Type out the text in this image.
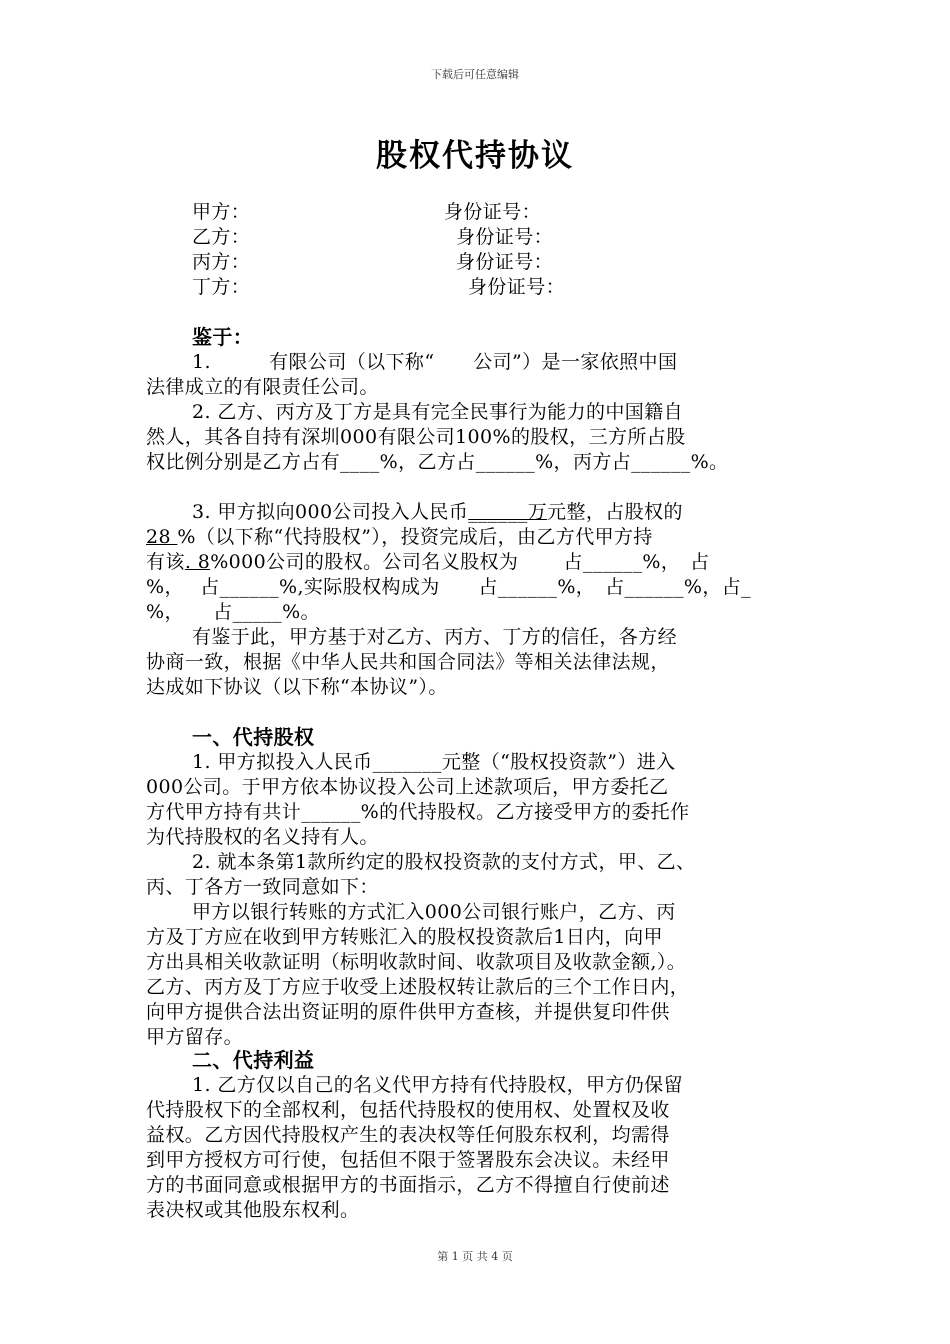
下载后可任意编辑
股权代持协议
甲方：	身份证号：
乙方：	身份证号：
丙方：	身份证号：
丁方：	身份证号：
鉴于：
1.　　　有限公司（以下称“　　公司”）是一家依照中国
法律成立的有限责任公司。
2. 乙方、丙方及丁方是具有完全民事行为能力的中国籍自
然人，其各自持有深圳000有限公司100%的股权，三方所占股
权比例分别是乙方占有____%，乙方占______%，丙方占______%。
3. 甲方拟向000公司投入人民币______万元整，占股权的
28 %（以下称“代持股权”），投资完成后，由乙方代甲方持
有该. 8%000公司的股权。公司名义股权为　　 占______%，　占
%，　 占______%,实际股权构成为　　占______%，　占______%，占_
%，　　占_____%。
有鉴于此，甲方基于对乙方、丙方、丁方的信任，各方经
协商一致，根据《中华人民共和国合同法》等相关法律法规，
达成如下协议（以下称“本协议”）。
一、代持股权
1. 甲方拟投入人民币_______元整（“股权投资款”）进入
000公司。于甲方依本协议投入公司上述款项后，甲方委托乙
方代甲方持有共计______%的代持股权。乙方接受甲方的委托作
为代持股权的名义持有人。
2. 就本条第1款所约定的股权投资款的支付方式，甲、乙、
丙、丁各方一致同意如下：
甲方以银行转账的方式汇入000公司银行账户，乙方、丙
方及丁方应在收到甲方转账汇入的股权投资款后1日内，向甲
方出具相关收款证明（标明收款时间、收款项目及收款金额,）。
乙方、丙方及丁方应于收受上述股权转让款后的三个工作日内，
向甲方提供合法出资证明的原件供甲方查核，并提供复印件供
甲方留存。
二、代持利益
1. 乙方仅以自己的名义代甲方持有代持股权，甲方仍保留
代持股权下的全部权利，包括代持股权的使用权、处置权及收
益权。乙方因代持股权产生的表决权等任何股东权利，均需得
到甲方授权方可行使，包括但不限于签署股东会决议。未经甲
方的书面同意或根据甲方的书面指示，乙方不得擅自行使前述
表决权或其他股东权利。
第 1 页 共 4 页
